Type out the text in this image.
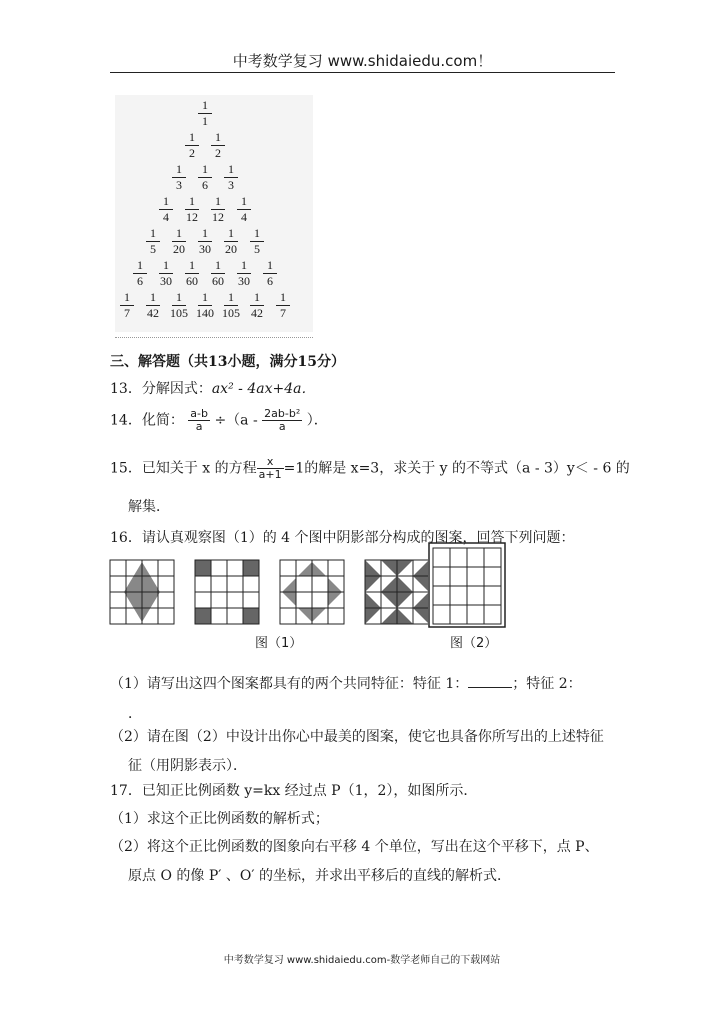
中考数学复习 www.shidaiedu.com！
1
1
1
2
1
2
1
3
1
6
1
3
1
4
1
12
1
12
1
4
1
5
1
20
1
30
1
20
1
5
1
6
1
30
1
60
1
60
1
30
1
6
1
7
1
42
1
105
1
140
1
105
1
42
1
7
三、解答题（共13小题，满分15分）
13．分解因式：ax² - 4ax+4a．
14．化简： $\frac{a-b}{a} \div(a - \frac{\text{2ab-b²}}{a}$ ）．
15．已知关于 x 的方程 $\frac{x}{a+1} =1$的解是 x=3，求关于 y 的不等式（a - 3）y＜ - 6 的
解集．
16．请认真观察图（1）的 4 个图中阴影部分构成的图案，回答下列问题：
图（1）	图（2）
（1）请写出这四个图案都具有的两个共同特征：特征 1：	；特征 2：
．
（2）请在图（2）中设计出你心中最美的图案，使它也具备你所写出的上述特征
征（用阴影表示）．
17．已知正比例函数 y=kx 经过点 P（1，2），如图所示．
（1）求这个正比例函数的解析式；
（2）将这个正比例函数的图象向右平移 4 个单位，写出在这个平移下，点 P、
原点 O 的像 P′ 、O′ 的坐标，并求出平移后的直线的解析式．
中考数学复习 www.shidaiedu.com-数学老师自己的下载网站
